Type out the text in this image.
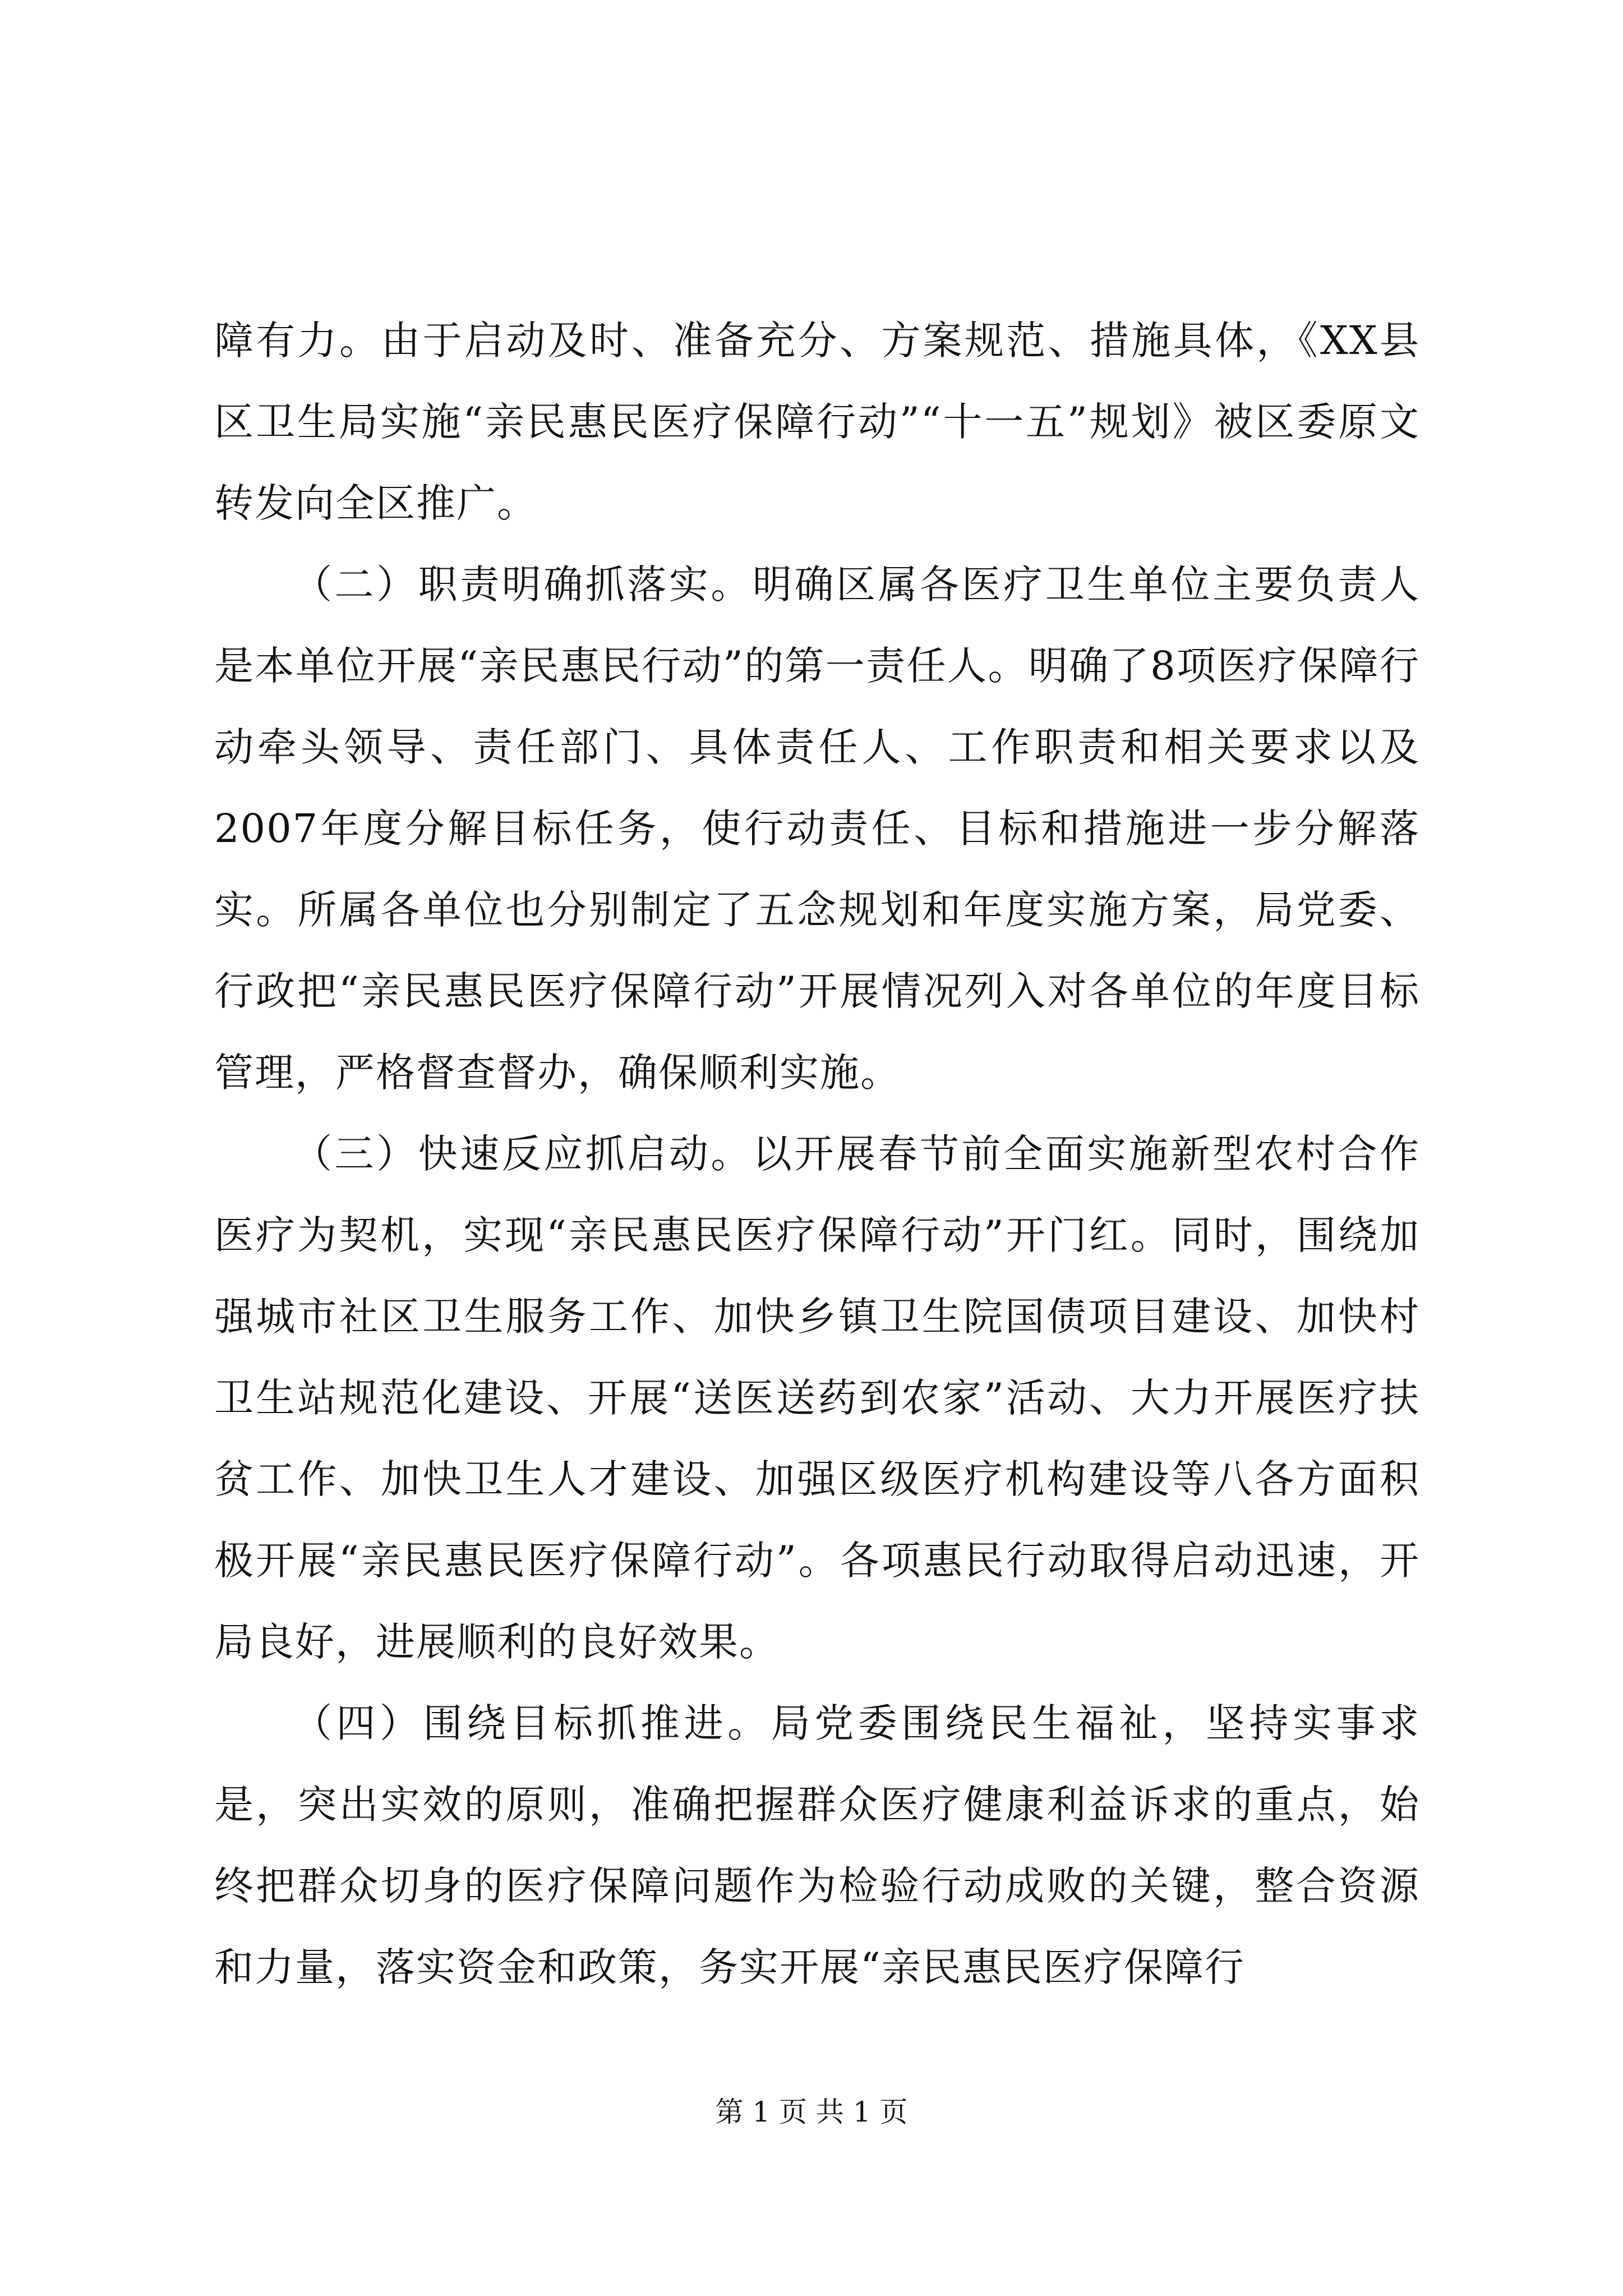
障有力。由于启动及时、准备充分、方案规范、措施具体，《XX县区卫生局实施“亲民惠民医疗保障行动”“十一五”规划》被区委原文转发向全区推广。

（二）职责明确抓落实。明确区属各医疗卫生单位主要负责人是本单位开展“亲民惠民行动”的第一责任人。明确了8项医疗保障行动牵头领导、责任部门、具体责任人、工作职责和相关要求以及2007年度分解目标任务，使行动责任、目标和措施进一步分解落实。所属各单位也分别制定了五念规划和年度实施方案，局党委、行政把“亲民惠民医疗保障行动”开展情况列入对各单位的年度目标管理，严格督查督办，确保顺利实施。

（三）快速反应抓启动。以开展春节前全面实施新型农村合作医疗为契机，实现“亲民惠民医疗保障行动”开门红。同时，围绕加强城市社区卫生服务工作、加快乡镇卫生院国债项目建设、加快村卫生站规范化建设、开展“送医送药到农家”活动、大力开展医疗扶贫工作、加快卫生人才建设、加强区级医疗机构建设等八各方面积极开展“亲民惠民医疗保障行动”。各项惠民行动取得启动迅速，开局良好，进展顺利的良好效果。

（四）围绕目标抓推进。局党委围绕民生福祉，坚持实事求是，突出实效的原则，准确把握群众医疗健康利益诉求的重点，始终把群众切身的医疗保障问题作为检验行动成败的关键，整合资源和力量，落实资金和政策，务实开展“亲民惠民医疗保障行

第 1 页 共 1 页
